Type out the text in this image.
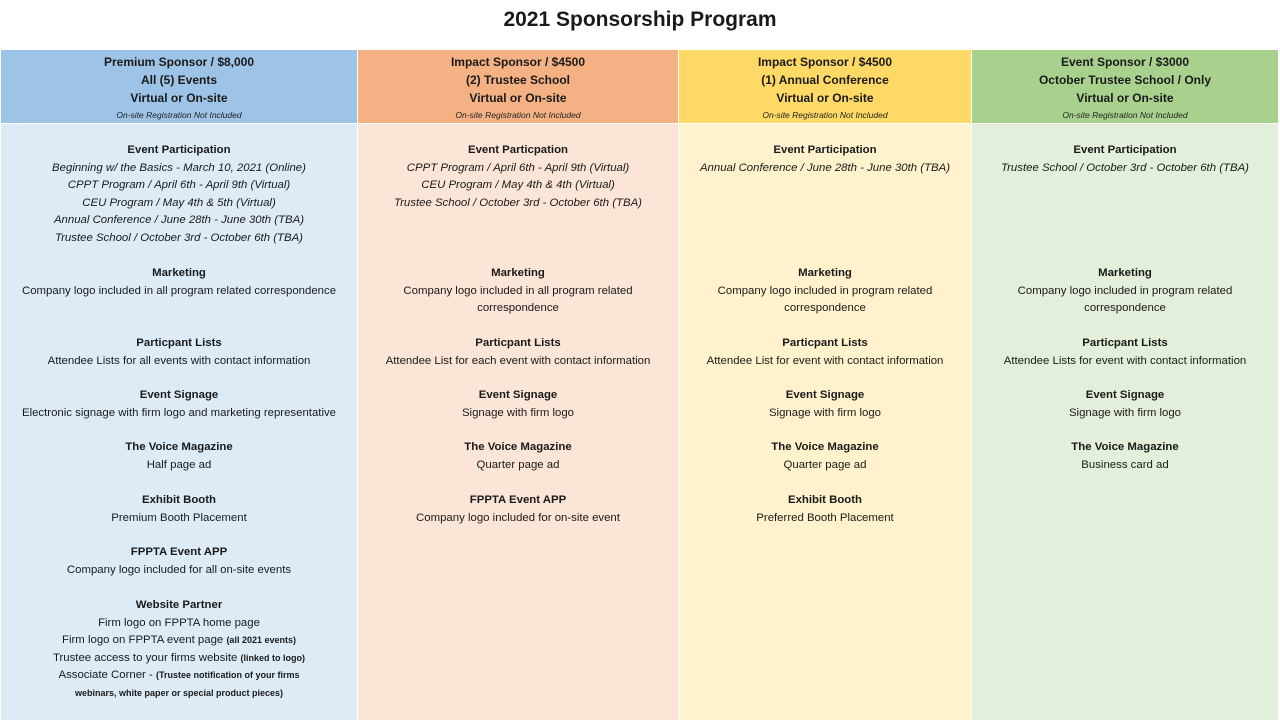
2021 Sponsorship Program
Premium Sponsor / $8,000
All (5) Events
Virtual or On-site
On-site Registration Not Included
Event Participation
Beginning w/ the Basics - March 10, 2021 (Online)
CPPT Program / April 6th - April 9th (Virtual)
CEU Program / May 4th & 5th (Virtual)
Annual Conference / June 28th - June 30th (TBA)
Trustee School / October 3rd - October 6th (TBA)
Marketing
Company logo included in all program related correspondence
Particpant Lists
Attendee Lists for all events with contact information
Event Signage
Electronic signage with firm logo and marketing representative
The Voice Magazine
Half page ad
Exhibit Booth
Premium Booth Placement
FPPTA Event APP
Company logo included for all on-site events
Website Partner
Firm logo on FPPTA home page
Firm logo on FPPTA event page (all 2021 events)
Trustee access to your firms website (linked to logo)
Associate Corner - (Trustee notification of your firms
webinars, white paper or special product pieces)
Impact Sponsor / $4500
(2) Trustee School
Virtual or On-site
On-site Registration Not Included
Event Particpation
CPPT Program / April 6th - April 9th (Virtual)
CEU Program / May 4th & 4th (Virtual)
Trustee School / October 3rd - October 6th (TBA)
Marketing
Company logo included in all program related
correspondence
Particpant Lists
Attendee List for each event with contact information
Event Signage
Signage with firm logo
The Voice Magazine
Quarter page ad
FPPTA Event APP
Company logo included for on-site event
Impact Sponsor / $4500
(1) Annual Conference
Virtual or On-site
On-site Registration Not Included
Event Participation
Annual Conference / June 28th - June 30th (TBA)
Marketing
Company logo included in program related
correspondence
Particpant Lists
Attendee List for event with contact information
Event Signage
Signage with firm logo
The Voice Magazine
Quarter page ad
Exhibit Booth
Preferred Booth Placement
Event Sponsor / $3000
October Trustee School / Only
Virtual or On-site
On-site Registration Not Included
Event Participation
Trustee School / October 3rd - October 6th (TBA)
Marketing
Company logo included in program related
correspondence
Particpant Lists
Attendee Lists for event with contact information
Event Signage
Signage with firm logo
The Voice Magazine
Business card ad
